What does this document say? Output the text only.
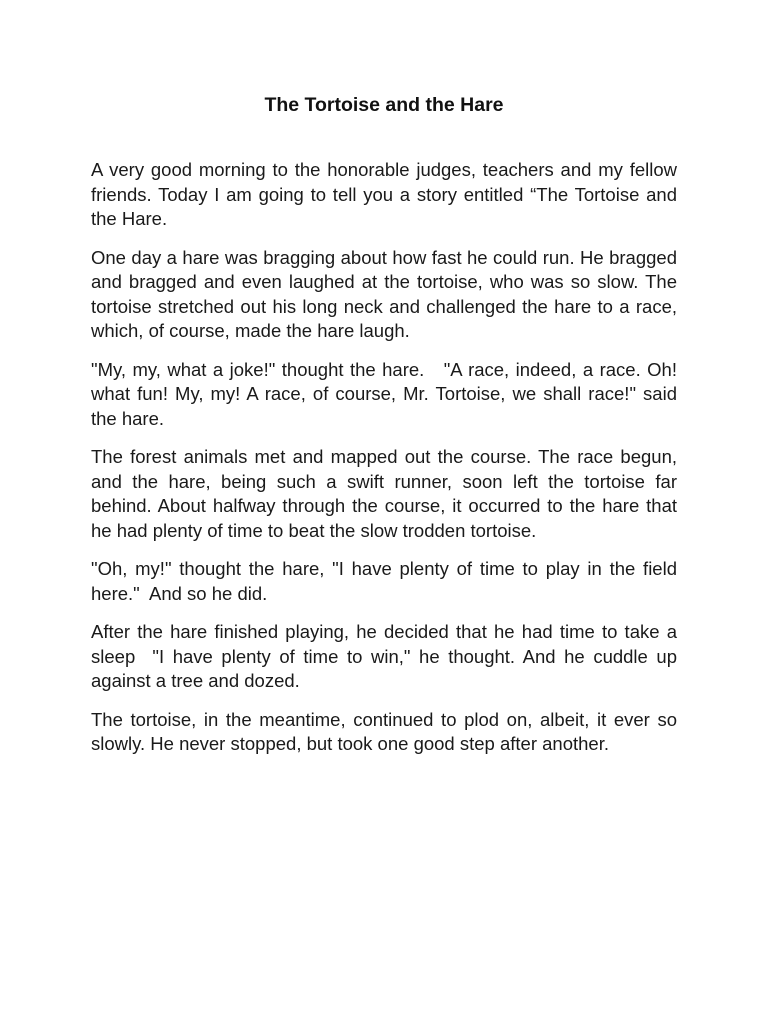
The Tortoise and the Hare

A very good morning to the honorable judges, teachers and my fellow friends. Today I am going to tell you a story entitled “The Tortoise and the Hare.

One day a hare was bragging about how fast he could run. He bragged and bragged and even laughed at the tortoise, who was so slow. The tortoise stretched out his long neck and challenged the hare to a race, which, of course, made the hare laugh.

"My, my, what a joke!" thought the hare.   "A race, indeed, a race. Oh! what fun! My, my! A race, of course, Mr. Tortoise, we shall race!" said the hare.

The forest animals met and mapped out the course. The race begun, and the hare, being such a swift runner, soon left the tortoise far behind. About halfway through the course, it occurred to the hare that he had plenty of time to beat the slow trodden tortoise.

"Oh, my!" thought the hare, "I have plenty of time to play in the field here."  And so he did.

After the hare finished playing, he decided that he had time to take a sleep  "I have plenty of time to win," he thought. And he cuddle up against a tree and dozed.

The tortoise, in the meantime, continued to plod on, albeit, it ever so slowly. He never stopped, but took one good step after another.
